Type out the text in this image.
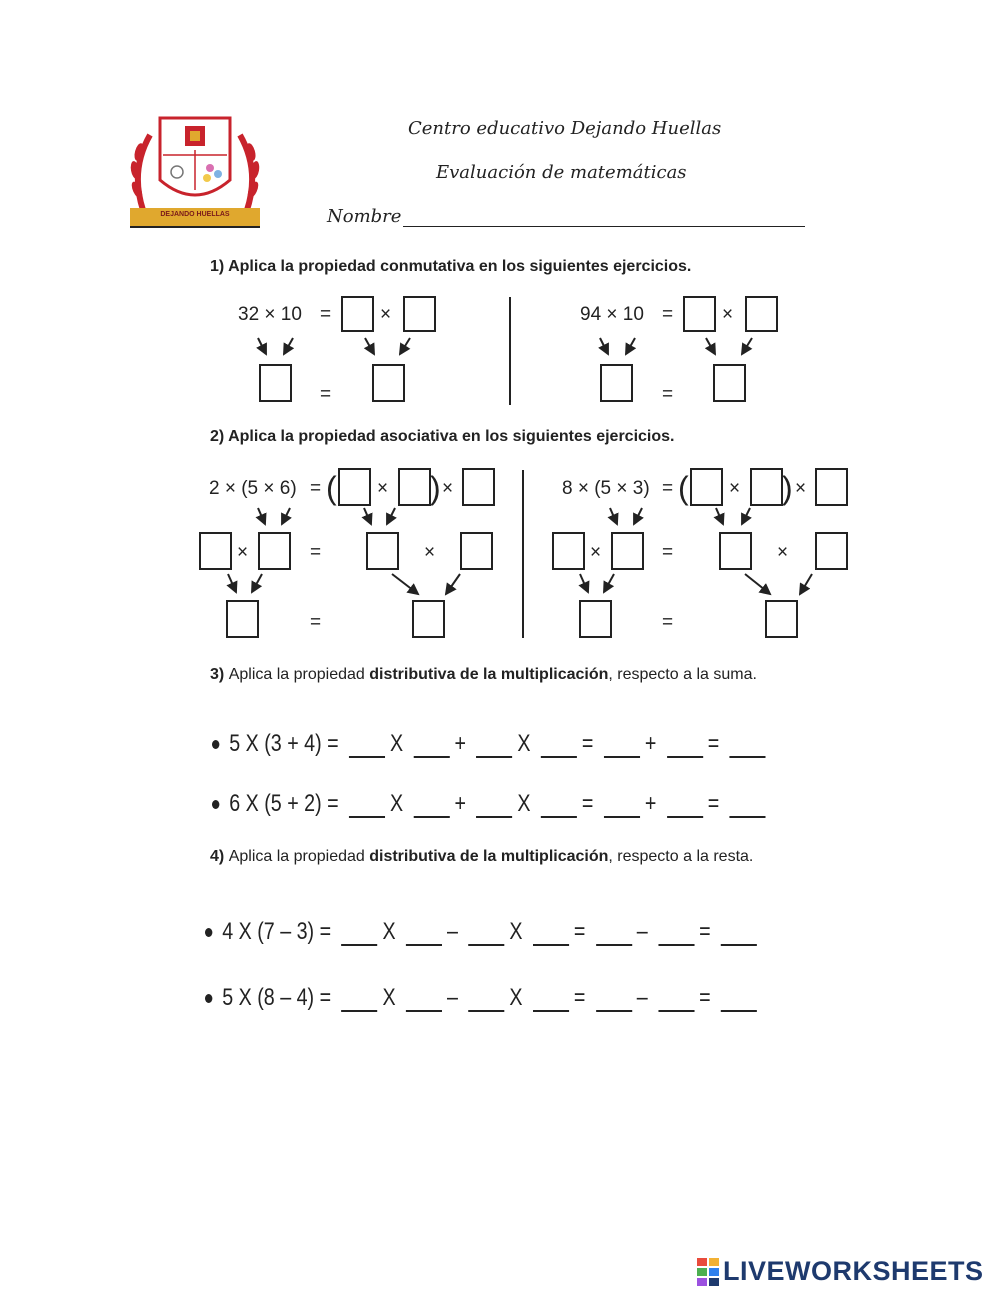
DEJANDO HUELLAS
Centro educativo Dejando Huellas
Evaluación de matemáticas
Nombre
1) Aplica la propiedad conmutativa en los siguientes ejercicios.
32 × 10 =	×
=
94 × 10 =	×
=
2) Aplica la propiedad asociativa en los siguientes ejercicios.
2 × (5 × 6) = ( × ) ×
×	=	×
=
8 × (5 × 3) = ( × ) ×
×	=	×
=
3) Aplica la propiedad distributiva de la multiplicación, respecto a la suma.
5 X (3 + 4) = X + X = + =
6 X (5 + 2) = X + X = + =
4) Aplica la propiedad distributiva de la multiplicación, respecto a la resta.
4 X (7 – 3) = X – X = – =
5 X (8 – 4) = X – X = – =
LIVEWORKSHEETS
